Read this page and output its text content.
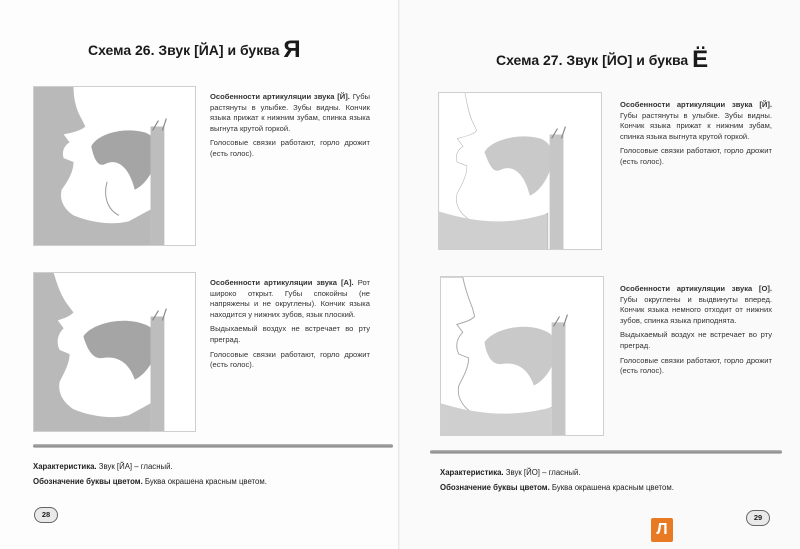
Схема 26. Звук [ЙА] и буква Я

Особенности артикуляции звука [Й]. Губы растянуты в улыбке. Зубы видны. Кончик языка прижат к нижним зубам, спинка языка выгнута крутой горкой.

Голосовые связки работают, горло дрожит (есть голос).

Особенности артикуляции звука [А]. Рот широко открыт. Губы спокойны (не напряжены и не округлены). Кончик языка находится у нижних зубов, язык плоский.

Выдыхаемый воздух не встречает во рту преград.

Голосовые связки работают, горло дрожит (есть голос).

Характеристика. Звук [ЙА] – гласный.
Обозначение буквы цветом. Буква окрашена красным цветом.
28
Схема 27. Звук [ЙО] и буква Ё

Особенности артикуляции звука [Й]. Губы растянуты в улыбке. Зубы видны. Кончик языка прижат к нижним зубам, спинка языка выгнута крутой горкой.

Голосовые связки работают, горло дрожит (есть голос).

Особенности артикуляции звука [О]. Губы округлены и выдвинуты вперед. Кончик языка немного отходит от нижних зубов, спинка языка приподнята.

Выдыхаемый воздух не встречает во рту преград.

Голосовые связки работают, горло дрожит (есть голос).

Характеристика. Звук [ЙО] – гласный.
Обозначение буквы цветом. Буква окрашена красным цветом.
29
Л
